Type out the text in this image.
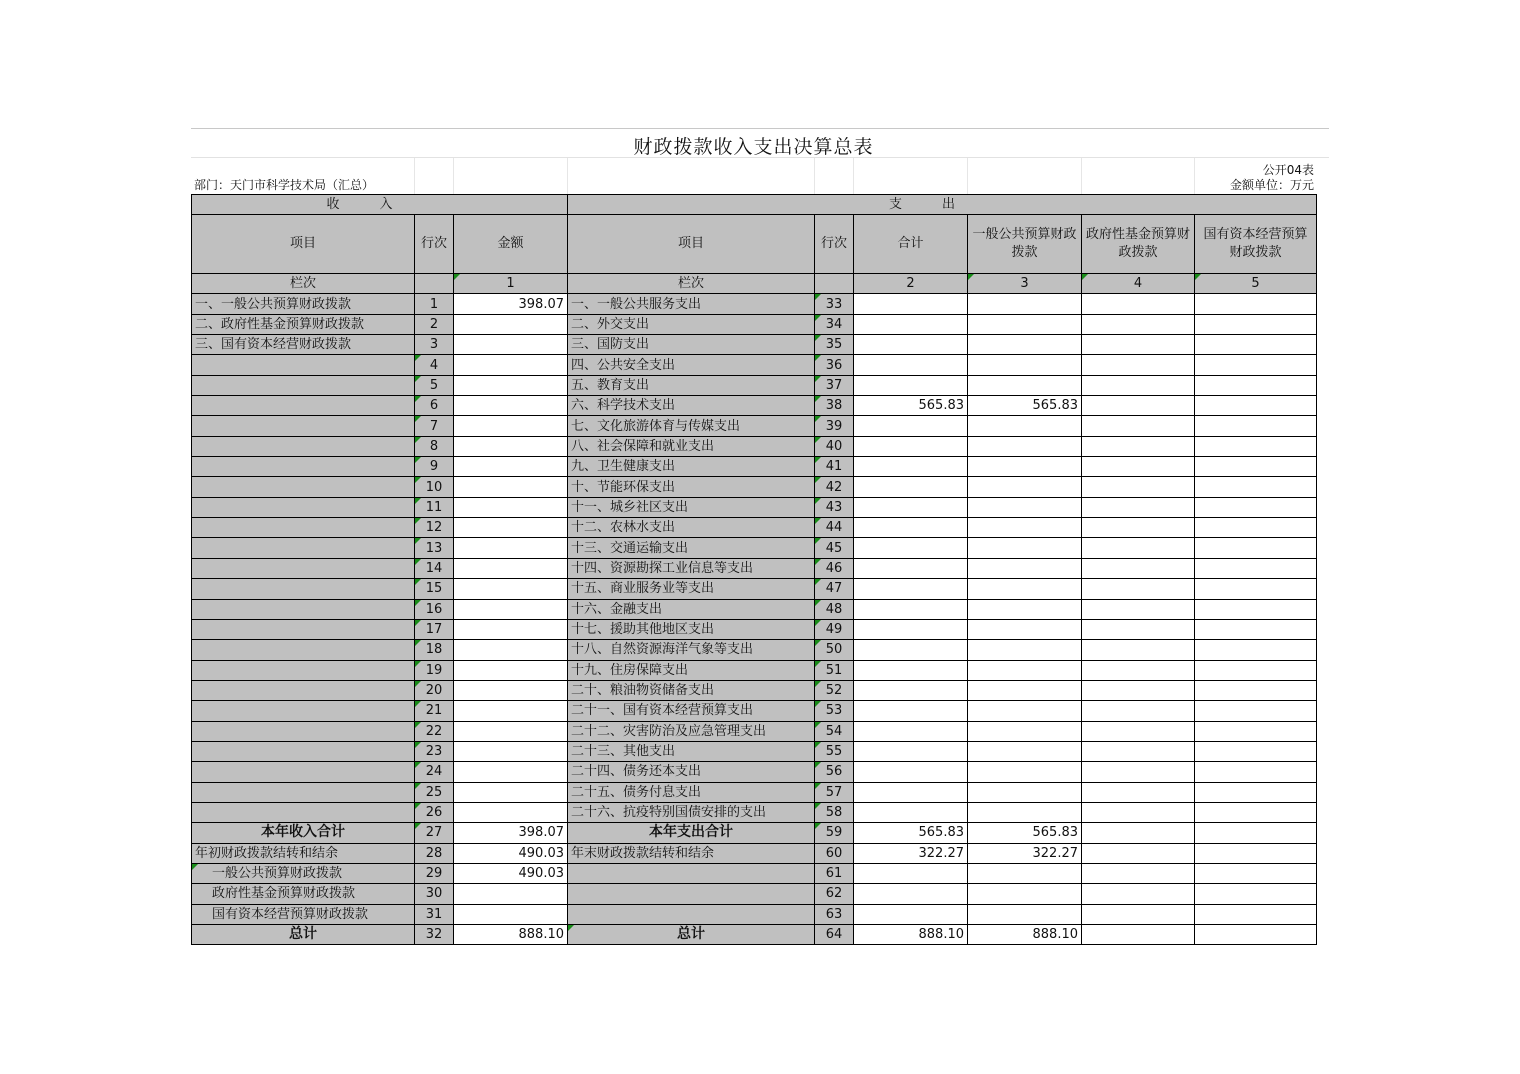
财政拨款收入支出决算总表
部门：天门市科学技术局（汇总）
公开04表
金额单位：万元
收入			支出					
项目	行次	金额	项目	行次	合计	一般公共预算财政拨款	政府性基金预算财政拨款	国有资本经营预算财政拨款
栏次		1	栏次		2	3	4	5
一、一般公共预算财政拨款	1	398.07	一、一般公共服务支出	33				
二、政府性基金预算财政拨款	2		二、外交支出	34				
三、国有资本经营财政拨款	3		三、国防支出	35				
	4		四、公共安全支出	36				
	5		五、教育支出	37				
	6		六、科学技术支出	38	565.83	565.83		
	7		七、文化旅游体育与传媒支出	39				
	8		八、社会保障和就业支出	40				
	9		九、卫生健康支出	41				
	10		十、节能环保支出	42				
	11		十一、城乡社区支出	43				
	12		十二、农林水支出	44				
	13		十三、交通运输支出	45				
	14		十四、资源勘探工业信息等支出	46				
	15		十五、商业服务业等支出	47				
	16		十六、金融支出	48				
	17		十七、援助其他地区支出	49				
	18		十八、自然资源海洋气象等支出	50				
	19		十九、住房保障支出	51				
	20		二十、粮油物资储备支出	52				
	21		二十一、国有资本经营预算支出	53				
	22		二十二、灾害防治及应急管理支出	54				
	23		二十三、其他支出	55				
	24		二十四、债务还本支出	56				
	25		二十五、债务付息支出	57				
	26		二十六、抗疫特别国债安排的支出	58				
本年收入合计	27	398.07	本年支出合计	59	565.83	565.83		
年初财政拨款结转和结余	28	490.03	年末财政拨款结转和结余	60	322.27	322.27		
一般公共预算财政拨款	29	490.03		61				
政府性基金预算财政拨款	30			62				
国有资本经营预算财政拨款	31			63				
总计	32	888.10	总计	64	888.10	888.10		
